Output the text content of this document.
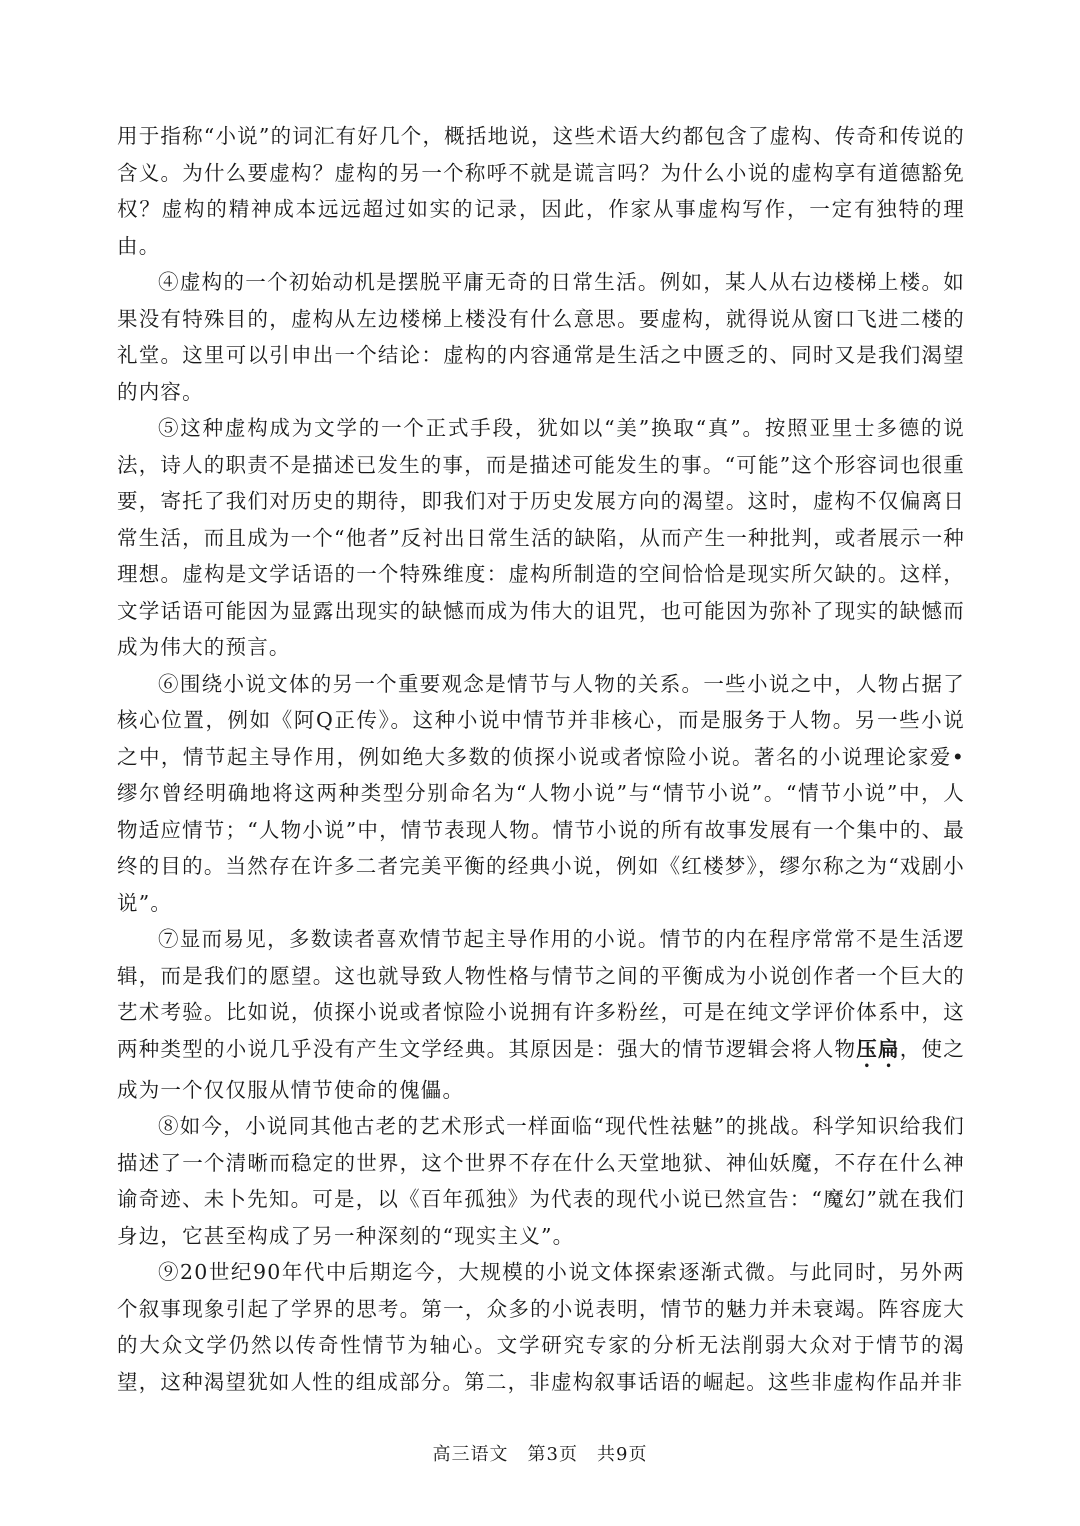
用于指称“小说”的词汇有好几个，概括地说，这些术语大约都包含了虚构、传奇和传说的含义。为什么要虚构？虚构的另一个称呼不就是谎言吗？为什么小说的虚构享有道德豁免权？虚构的精神成本远远超过如实的记录，因此，作家从事虚构写作，一定有独特的理由。

④虚构的一个初始动机是摆脱平庸无奇的日常生活。例如，某人从右边楼梯上楼。如果没有特殊目的，虚构从左边楼梯上楼没有什么意思。要虚构，就得说从窗口飞进二楼的礼堂。这里可以引申出一个结论：虚构的内容通常是生活之中匮乏的、同时又是我们渴望的内容。

⑤这种虚构成为文学的一个正式手段，犹如以“美”换取“真”。按照亚里士多德的说法，诗人的职责不是描述已发生的事，而是描述可能发生的事。“可能”这个形容词也很重要，寄托了我们对历史的期待，即我们对于历史发展方向的渴望。这时，虚构不仅偏离日常生活，而且成为一个“他者”反衬出日常生活的缺陷，从而产生一种批判，或者展示一种理想。虚构是文学话语的一个特殊维度：虚构所制造的空间恰恰是现实所欠缺的。这样，文学话语可能因为显露出现实的缺憾而成为伟大的诅咒，也可能因为弥补了现实的缺憾而成为伟大的预言。

⑥围绕小说文体的另一个重要观念是情节与人物的关系。一些小说之中，人物占据了核心位置，例如《阿Q正传》。这种小说中情节并非核心，而是服务于人物。另一些小说之中，情节起主导作用，例如绝大多数的侦探小说或者惊险小说。著名的小说理论家爱•缪尔曾经明确地将这两种类型分别命名为“人物小说”与“情节小说”。“情节小说”中，人物适应情节；“人物小说”中，情节表现人物。情节小说的所有故事发展有一个集中的、最终的目的。当然存在许多二者完美平衡的经典小说，例如《红楼梦》，缪尔称之为“戏剧小说”。

⑦显而易见，多数读者喜欢情节起主导作用的小说。情节的内在程序常常不是生活逻辑，而是我们的愿望。这也就导致人物性格与情节之间的平衡成为小说创作者一个巨大的艺术考验。比如说，侦探小说或者惊险小说拥有许多粉丝，可是在纯文学评价体系中，这两种类型的小说几乎没有产生文学经典。其原因是：强大的情节逻辑会将人物压扁，使之成为一个仅仅服从情节使命的傀儡。

⑧如今，小说同其他古老的艺术形式一样面临“现代性祛魅”的挑战。科学知识给我们描述了一个清晰而稳定的世界，这个世界不存在什么天堂地狱、神仙妖魔，不存在什么神谕奇迹、未卜先知。可是，以《百年孤独》为代表的现代小说已然宣告：“魔幻”就在我们身边，它甚至构成了另一种深刻的“现实主义”。

⑨20世纪90年代中后期迄今，大规模的小说文体探索逐渐式微。与此同时，另外两个叙事现象引起了学界的思考。第一，众多的小说表明，情节的魅力并未衰竭。阵容庞大的大众文学仍然以传奇性情节为轴心。文学研究专家的分析无法削弱大众对于情节的渴望，这种渴望犹如人性的组成部分。第二，非虚构叙事话语的崛起。这些非虚构作品并非

高三语文　第3页　共9页
